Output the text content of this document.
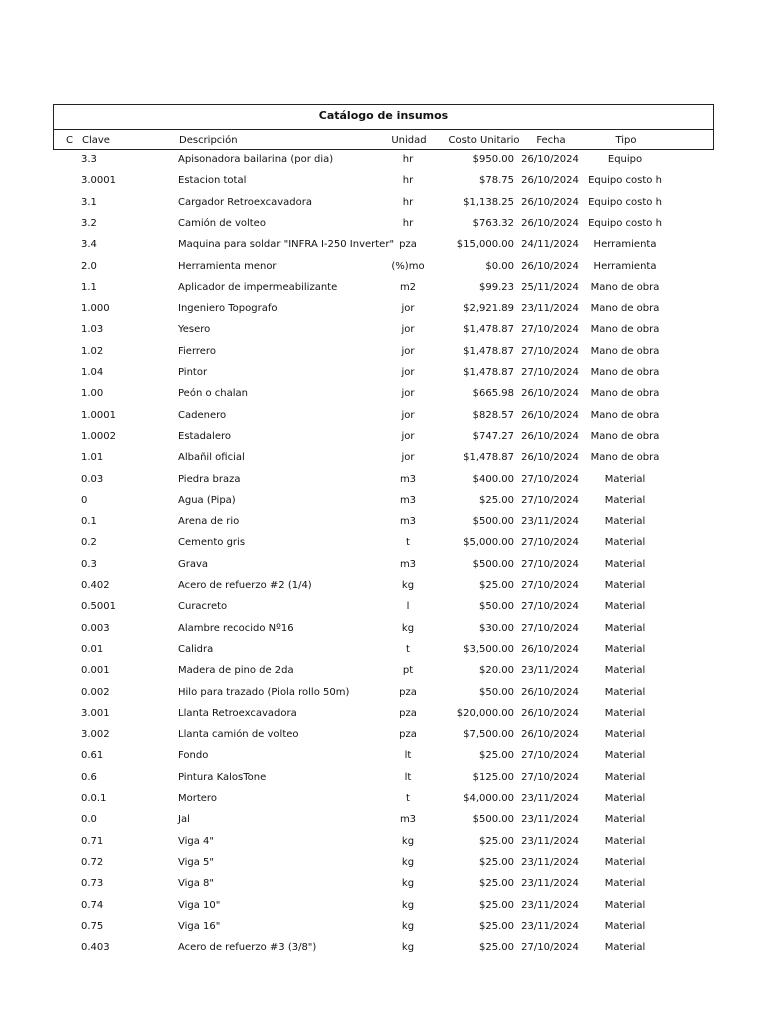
Catálogo de insumos
C Clave	Descripción	Unidad	Costo Unitario	Fecha	Tipo
3.3	Apisonadora bailarina (por dia)	hr	$950.00 26/10/2024	Equipo
3.0001	Estacion total	hr	$78.75 26/10/2024 Equipo costo h
3.1	Cargador Retroexcavadora	hr	$1,138.25 26/10/2024 Equipo costo h
3.2	Camión de volteo	hr	$763.32 26/10/2024 Equipo costo h
3.4	Maquina para soldar "INFRA I-250 Inverter" pza	$15,000.00 24/11/2024	Herramienta
2.0	Herramienta menor	(%)mo	$0.00 26/10/2024	Herramienta
1.1	Aplicador de impermeabilizante	m2	$99.23 25/11/2024	Mano de obra
1.000	Ingeniero Topografo	jor	$2,921.89 23/11/2024	Mano de obra
1.03	Yesero	jor	$1,478.87 27/10/2024	Mano de obra
1.02	Fierrero	jor	$1,478.87 27/10/2024	Mano de obra
1.04	Pintor	jor	$1,478.87 27/10/2024	Mano de obra
1.00	Peón o chalan	jor	$665.98 26/10/2024	Mano de obra
1.0001	Cadenero	jor	$828.57 26/10/2024	Mano de obra
1.0002	Estadalero	jor	$747.27 26/10/2024	Mano de obra
1.01	Albañil oficial	jor	$1,478.87 26/10/2024	Mano de obra
0.03	Piedra braza	m3	$400.00 27/10/2024	Material
0	Agua (Pipa)	m3	$25.00 27/10/2024	Material
0.1	Arena de rio	m3	$500.00 23/11/2024	Material
0.2	Cemento gris	t	$5,000.00 27/10/2024	Material
0.3	Grava	m3	$500.00 27/10/2024	Material
0.402	Acero de refuerzo #2 (1/4)	kg	$25.00 27/10/2024	Material
0.5001	Curacreto	l	$50.00 27/10/2024	Material
0.003	Alambre recocido Nº16	kg	$30.00 27/10/2024	Material
0.01	Calidra	t	$3,500.00 26/10/2024	Material
0.001	Madera de pino de 2da	pt	$20.00 23/11/2024	Material
0.002	Hilo para trazado (Piola rollo 50m)	pza	$50.00 26/10/2024	Material
3.001	Llanta Retroexcavadora	pza	$20,000.00 26/10/2024	Material
3.002	Llanta camión de volteo	pza	$7,500.00 26/10/2024	Material
0.61	Fondo	lt	$25.00 27/10/2024	Material
0.6	Pintura KalosTone	lt	$125.00 27/10/2024	Material
0.0.1	Mortero	t	$4,000.00 23/11/2024	Material
0.0	Jal	m3	$500.00 23/11/2024	Material
0.71	Viga 4"	kg	$25.00 23/11/2024	Material
0.72	Viga 5"	kg	$25.00 23/11/2024	Material
0.73	Viga 8"	kg	$25.00 23/11/2024	Material
0.74	Viga 10"	kg	$25.00 23/11/2024	Material
0.75	Viga 16"	kg	$25.00 23/11/2024	Material
0.403	Acero de refuerzo #3 (3/8")	kg	$25.00 27/10/2024	Material
